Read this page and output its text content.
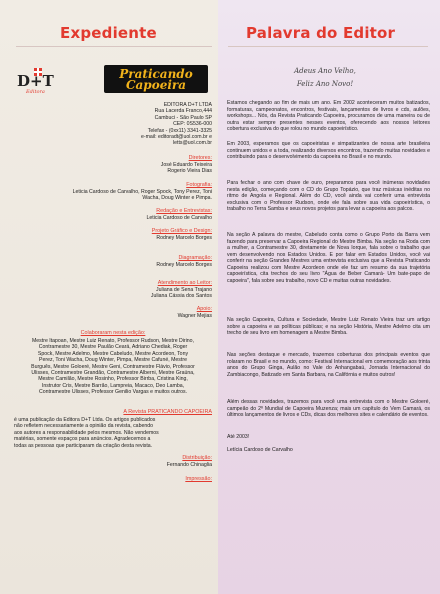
Expediente
D+T
Editora
Praticando
Capoeira
EDITORA D+T LTDA
Rua Lacerda Franco,444
Cambuci - São Paulo SP
CEP: 0S536-000
Telefax - (0xx11) 3341-3325
e-mail: editoradt@uol.com.br e
letts@uol.com.br
Diretores:
José Eduardo Teixeira
Rogerio Vieira Dias
Fotografia:
Leticia Cardoso de Carvalho, Roger Spock, Tony Perez, Toni
Wacha, Doug Winter e Pimpa.
Redação e Entrevistas:
Leticia Cardoso de Carvalho
Projeto Gráfico e Design:
Rodney Marcelo Borges
Diagramação:
Rodney Marcelo Borges
Atendimento ao Leitor:
Juliana de Sena Trajano
Juliana Cássia dos Santos
Apoio:
Wagner Mejias
Colaboraram nesta edição:
Mestre Itapoan, Mestre Luiz Renato, Professor Rudson, Mestre Dirino,
Contramestre 30, Mestre Paulão Ceará, Adriano Chediak, Roger
Spock, Mestre Adelmo, Mestre Cabeludo, Mestre Acordeon, Tony
Perez, Toni Wacha, Doug Winter, Pimpa, Mestre Cafuné, Mestre
Burguês, Mestre Goloeré, Mestre Geni, Contramestre Flávio, Professor
Ulisses, Contramestre Grandão, Contramestre Alberni, Mestre Graúna,
Mestre Camilão, Mestre Rosinho, Professor Birrba, Cristina King,
Instrutor Cris, Mestre Barrão, Lampreia, Macaco, Deo Lamba,
Contramestre Ulisses, Professor Genilio Vargas e muitos outros.
A Revista PRATICANDO CAPOEIRA
é uma publicação da Editora D+T Ltda. Os artigos publicados
não refletem necessariamente a opinião da revista, cabendo
aos autores a responsabilidade pelos mesmos. Não vendemos
matérias, somente espaços para anúncios. Agradecemos a
todas as pessoas que participaram da criação desta revista.
Distribuição:
Fernando Chinaglia
Impressão:
Palavra do Editor
Adeus Ano Velho,
Feliz Ano Novo!
Estamos chegando ao fim de mais um ano. Em 2002 aconteceram muitos batizados, formaturas, campeonatos, encontros, festivais, lançamentos de livros e cds, aulões, workshops... Nós, da Revista Praticando Capoeira, procuramos de uma maneira ou de outra estar sempre presentes nesses eventos, oferecendo aos nossos leitores cobertura exclusiva do que rolou no mundo capoeirístico.
Em 2003, esperamos que os capoeiristas e simpatizantes de nossa arte brasileira continuem unidos e a toda, realizando diversos encontros, trazendo muitas novidades e contribuindo para o desenvolvimento da capoeira no Brasil e no mundo.
Para fechar o ano com chave de ouro, preparamos para você inúmeras novidades nesta edição, começando com o CD do Grupo Topázio, que traz músicas inéditas no ritmo de Angola e Regional. Além do CD, você ainda vai conferir uma entrevista exclusiva com o Professor Rudson, onde ele fala sobre sua vida capoeirística, o trabalho no Terra Samba e seus novos projetos para levar a capoeira aos palcos.
Na seção A palavra do mestre, Cabeludo conta como o Grupo Porto da Barra vem fazendo para preservar a Capoeira Regional do Mestre Bimba. Na seção na Roda com a mulher, a Contramestre 30, diretamente de Nova Iorque, fala sobre o trabalho que vem desenvolvendo nos Estados Unidos. E por falar em Estados Unidos, você vai conferir na seção Grandes Mestres uma entrevista exclusiva que a Revista Praticando Capoeira realizou com Mestre Acordeon onde ele faz um resumo da sua trajetória capoeirística, cita trechos do seu livro "Água de Beber Camará- Um bate-papo de capoeira", fala sobre seu trabalho, novo CD e muitas outras novidades.
Na seção Capoeira, Cultura e Sociedade, Mestre Luiz Renato Vieira traz um artigo sobre a capoeira e as políticas públicas; e na seção História, Mestre Adelmo cita um trecho de seu livro em homenagem a Mestre Bimba.
Nas seções destaque e mercado, trazemos coberturas dos principais eventos que rolaram no Brasil e no mundo, como: Festival Internacional em comemoração aos trinta anos do Grupo Ginga, Aulão no Vale do Anhangabaú, Jornada Internacional do Zambiacongo, Batizado em Santa Barbara, na Califórnia e muitos outros!
Além dessas novidades, trazemos para você uma entrevista com o Mestre Goloeré, campeão do 2º Mundial de Capoeira Muzenza; mais um capítulo do Vem Camará, os últimos lançamentos de livros e CDs, dicas dos melhores sites e calendário de eventos.
Até 2003!
Letícia Cardoso de Carvalho
